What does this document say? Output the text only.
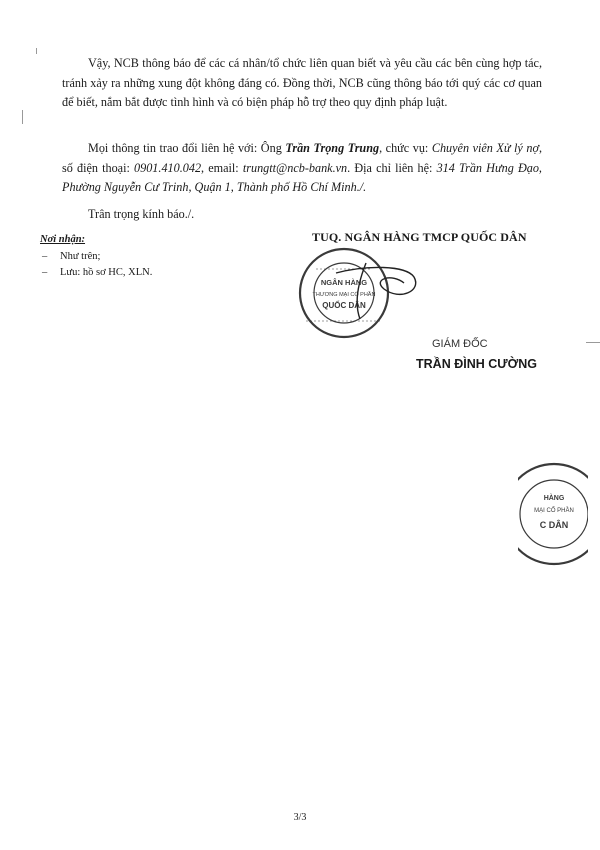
Vậy, NCB thông báo để các cá nhân/tổ chức liên quan biết và yêu cầu các bên cùng hợp tác, tránh xảy ra những xung đột không đáng có. Đồng thời, NCB cũng thông báo tới quý các cơ quan để biết, nắm bắt được tình hình và có biện pháp hỗ trợ theo quy định pháp luật.

Mọi thông tin trao đổi liên hệ với: Ông Trần Trọng Trung, chức vụ: Chuyên viên Xử lý nợ, số điện thoại: 0901.410.042, email: trungtt@ncb-bank.vn. Địa chỉ liên hệ: 314 Trần Hưng Đạo, Phường Nguyễn Cư Trinh, Quận 1, Thành phố Hồ Chí Minh./.

Trân trọng kính báo./.

Nơi nhận:
– Như trên;
– Lưu: hồ sơ HC, XLN.
TUQ. NGÂN HÀNG TMCP QUỐC DÂN
NGÂN HÀNG
THƯƠNG MẠI CỔ PHẦN
QUỐC DÂN
GIÁM ĐỐC
TRẦN ĐÌNH CƯỜNG
HÀNG
MẠI CỔ PHẦN
C DÂN
3/3
